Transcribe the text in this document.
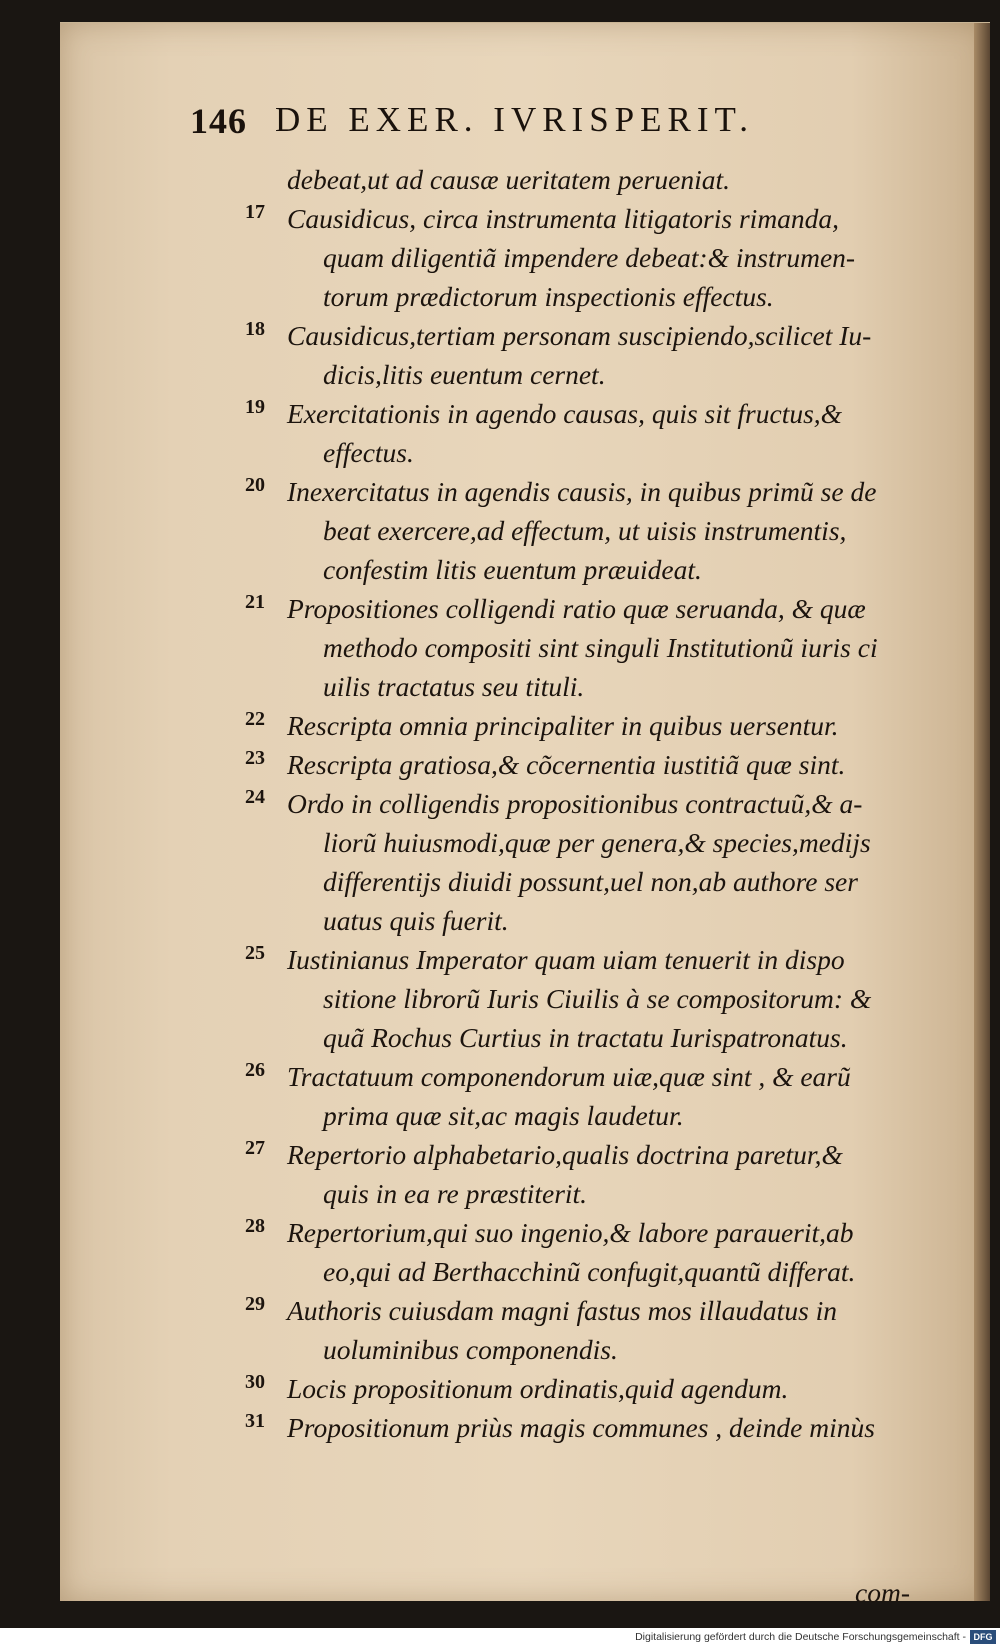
146 DE EXER. IVRISPERIT.
debeat,ut ad causæ ueritatem perueniat.
17 Causidicus, circa instrumenta litigatoris rimanda,
quam diligentiã impendere debeat:& instrumen-
torum prædictorum inspectionis effectus.
18 Causidicus,tertiam personam suscipiendo,scilicet Iu-
dicis,litis euentum cernet.
19 Exercitationis in agendo causas, quis sit fructus,&
effectus.
20 Inexercitatus in agendis causis, in quibus primũ se de
beat exercere,ad effectum, ut uisis instrumentis,
confestim litis euentum præuideat.
21 Propositiones colligendi ratio quæ seruanda, & quæ
methodo compositi sint singuli Institutionũ iuris ci
uilis tractatus seu tituli.
22 Rescripta omnia principaliter in quibus uersentur.
23 Rescripta gratiosa,& cõcernentia iustitiã quæ sint.
24 Ordo in colligendis propositionibus contractuũ,& a-
liorũ huiusmodi,quæ per genera,& species,medijs
differentijs diuidi possunt,uel non,ab authore ser
uatus quis fuerit.
25 Iustinianus Imperator quam uiam tenuerit in dispo
sitione librorũ Iuris Ciuilis à se compositorum: &
quã Rochus Curtius in tractatu Iurispatronatus.
26 Tractatuum componendorum uiæ,quæ sint , & earũ
prima quæ sit,ac magis laudetur.
27 Repertorio alphabetario,qualis doctrina paretur,&
quis in ea re præstiterit.
28 Repertorium,qui suo ingenio,& labore parauerit,ab
eo,qui ad Berthacchinũ confugit,quantũ differat.
29 Authoris cuiusdam magni fastus mos illaudatus in
uoluminibus componendis.
30 Locis propositionum ordinatis,quid agendum.
31 Propositionum priùs magis communes , deinde minùs
com-
Digitalisierung gefördert durch die Deutsche Forschungsgemeinschaft - DFG
